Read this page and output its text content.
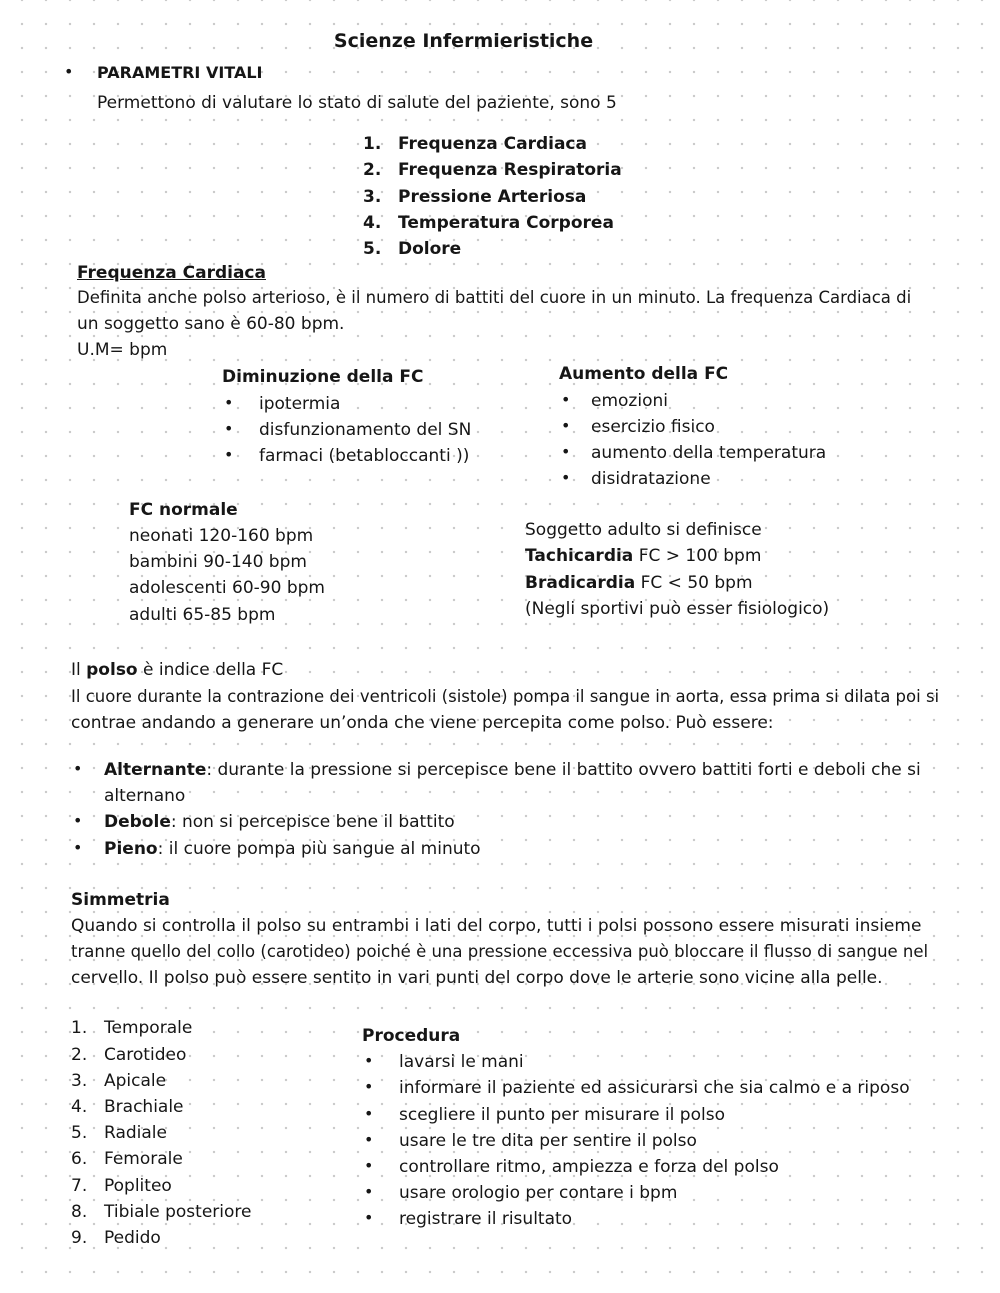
Scienze Infermieristiche
• PARAMETRI VITALI
Permettono di valutare lo stato di salute del paziente, sono 5
1. Frequenza Cardiaca
2. Frequenza Respiratoria
3. Pressione Arteriosa
4. Temperatura Corporea
5. Dolore
Frequenza Cardiaca
Definita anche polso arterioso, è il numero di battiti del cuore in un minuto. La frequenza Cardiaca di
un soggetto sano è 60-80 bpm.
U.M= bpm
Diminuzione della FC
• ipotermia
• disfunzionamento del SN
• farmaci (betabloccanti ))
Aumento della FC
• emozioni
• esercizio fisico
• aumento della temperatura
• disidratazione
FC normale
neonati 120-160 bpm
bambini 90-140 bpm
adolescenti 60-90 bpm
adulti 65-85 bpm
Soggetto adulto si definisce
Tachicardia FC > 100 bpm
Bradicardia FC < 50 bpm
(Negli sportivi può esser fisiologico)
Il polso è indice della FC
Il cuore durante la contrazione dei ventricoli (sistole) pompa il sangue in aorta, essa prima si dilata poi si
contrae andando a generare un’onda che viene percepita come polso. Può essere:
• Alternante: durante la pressione si percepisce bene il battito ovvero battiti forti e deboli che si
alternano
• Debole: non si percepisce bene il battito
• Pieno: il cuore pompa più sangue al minuto
Simmetria
Quando si controlla il polso su entrambi i lati del corpo, tutti i polsi possono essere misurati insieme
tranne quello del collo (carotideo) poiché è una pressione eccessiva può bloccare il flusso di sangue nel
cervello. Il polso può essere sentito in vari punti del corpo dove le arterie sono vicine alla pelle.
1. Temporale
2. Carotideo
3. Apicale
4. Brachiale
5. Radiale
6. Femorale
7. Popliteo
8. Tibiale posteriore
9. Pedido
Procedura
• lavarsi le mani
• informare il paziente ed assicurarsi che sia calmo e a riposo
• scegliere il punto per misurare il polso
• usare le tre dita per sentire il polso
• controllare ritmo, ampiezza e forza del polso
• usare orologio per contare i bpm
• registrare il risultato
